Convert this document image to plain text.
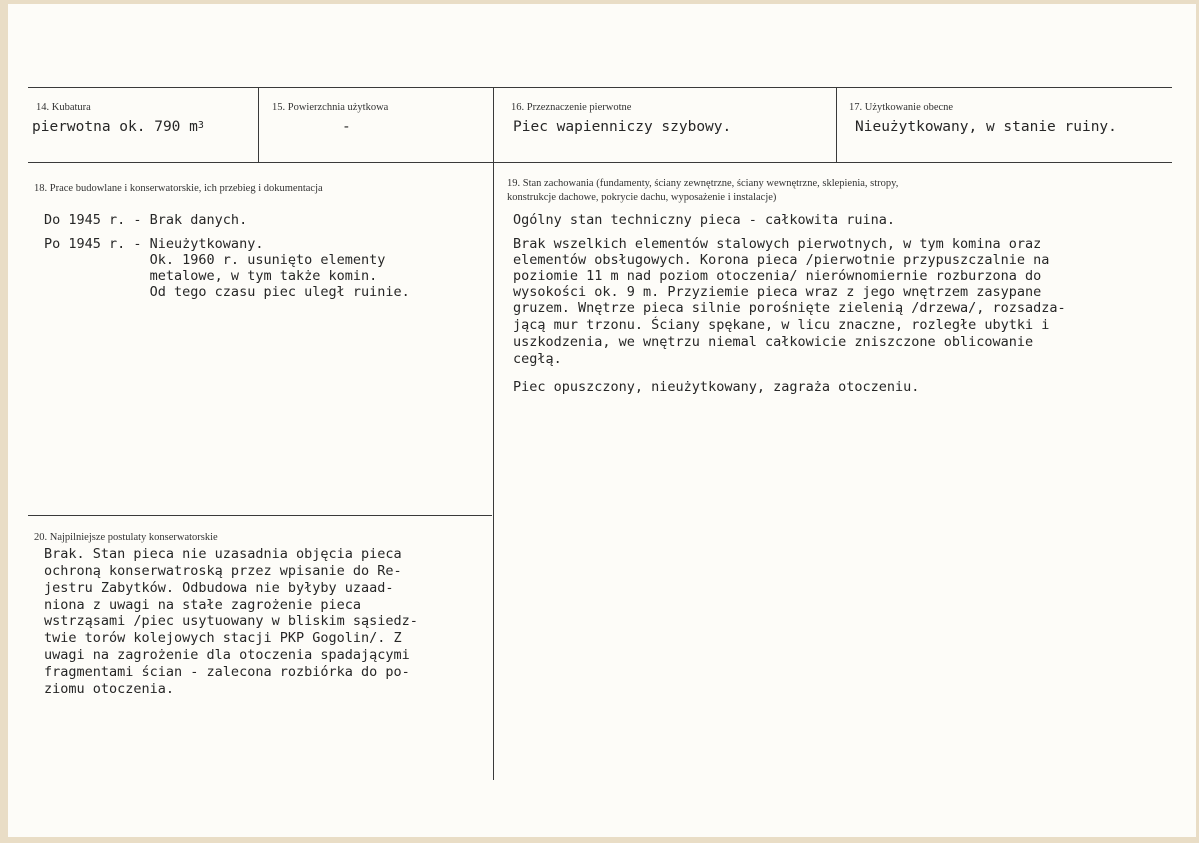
14. Kubatura
pierwotna ok. 790 $m^3$
15. Powierzchnia użytkowa
-
16. Przeznaczenie pierwotne
Piec wapienniczy szybowy.
17. Użytkowanie obecne
Nieużytkowany, w stanie ruiny.
18. Prace budowlane i konserwatorskie, ich przebieg i dokumentacja
Do 1945 r. - Brak danych.
Po 1945 r. - Nieużytkowany.
Ok. 1960 r. usunięto elementy
metalowe, w tym także komin.
Od tego czasu piec uległ ruinie.
19. Stan zachowania (fundamenty, ściany zewnętrzne, ściany wewnętrzne, sklepienia, stropy,
konstrukcje dachowe, pokrycie dachu, wyposażenie i instalacje)
Ogólny stan techniczny pieca - całkowita ruina.
Brak wszelkich elementów stalowych pierwotnych, w tym komina oraz
elementów obsługowych. Korona pieca /pierwotnie przypuszczalnie na
poziomie 11 m nad poziom otoczenia/ nierównomiernie rozburzona do
wysokości ok. 9 m. Przyziemie pieca wraz z jego wnętrzem zasypane
gruzem. Wnętrze pieca silnie porośnięte zielenią /drzewa/, rozsadza-
jącą mur trzonu. Ściany spękane, w licu znaczne, rozległe ubytki i
uszkodzenia, we wnętrzu niemal całkowicie zniszczone oblicowanie
cegłą.
Piec opuszczony, nieużytkowany, zagraża otoczeniu.
20. Najpilniejsze postulaty konserwatorskie
Brak. Stan pieca nie uzasadnia objęcia pieca
ochroną konserwatroską przez wpisanie do Re-
jestru Zabytków. Odbudowa nie byłyby uzaad-
niona z uwagi na stałe zagrożenie pieca
wstrząsami /piec usytuowany w bliskim sąsiedz-
twie torów kolejowych stacji PKP Gogolin/. Z
uwagi na zagrożenie dla otoczenia spadającymi
fragmentami ścian - zalecona rozbiórka do po-
ziomu otoczenia.
